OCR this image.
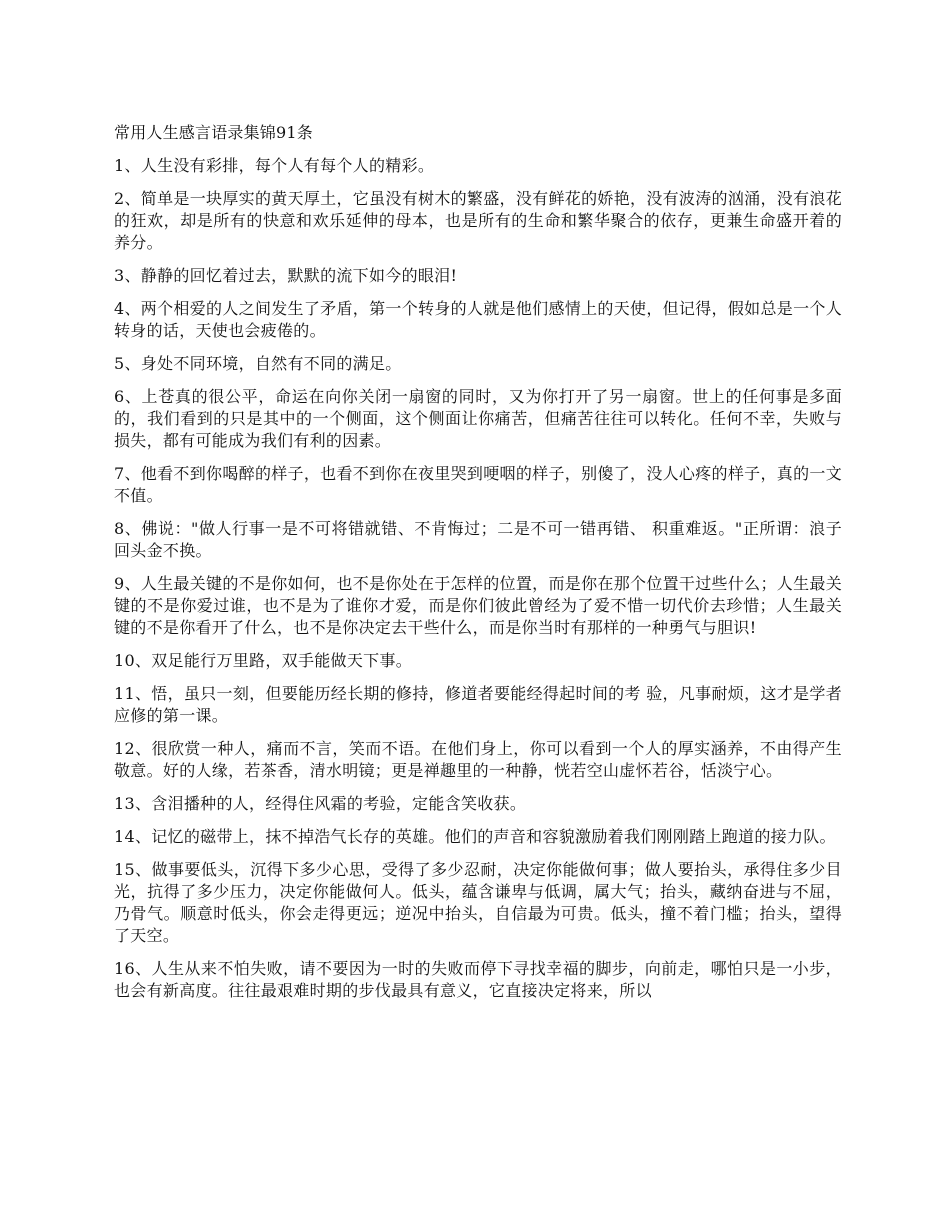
常用人生感言语录集锦91条

1、人生没有彩排，每个人有每个人的精彩。

2、简单是一块厚实的黄天厚土，它虽没有树木的繁盛，没有鲜花的娇艳，没有波涛的汹涌，没有浪花的狂欢，却是所有的快意和欢乐延伸的母本，也是所有的生命和繁华聚合的依存，更兼生命盛开着的养分。

3、静静的回忆着过去，默默的流下如今的眼泪!

4、两个相爱的人之间发生了矛盾，第一个转身的人就是他们感情上的天使，但记得，假如总是一个人转身的话，天使也会疲倦的。

5、身处不同环境，自然有不同的满足。

6、上苍真的很公平，命运在向你关闭一扇窗的同时，又为你打开了另一扇窗。世上的任何事是多面的，我们看到的只是其中的一个侧面，这个侧面让你痛苦，但痛苦往往可以转化。任何不幸，失败与损失，都有可能成为我们有利的因素。

7、他看不到你喝醉的样子，也看不到你在夜里哭到哽咽的样子，别傻了，没人心疼的样子，真的一文不值。

8、佛说："做人行事一是不可将错就错、不肯悔过；二是不可一错再错、 积重难返。"正所谓：浪子回头金不换。

9、人生最关键的不是你如何，也不是你处在于怎样的位置，而是你在那个位置干过些什么；人生最关键的不是你爱过谁，也不是为了谁你才爱，而是你们彼此曾经为了爱不惜一切代价去珍惜；人生最关键的不是你看开了什么，也不是你决定去干些什么，而是你当时有那样的一种勇气与胆识!

10、双足能行万里路，双手能做天下事。

11、悟，虽只一刻，但要能历经长期的修持，修道者要能经得起时间的考 验，凡事耐烦，这才是学者应修的第一课。

12、很欣赏一种人，痛而不言，笑而不语。在他们身上，你可以看到一个人的厚实涵养，不由得产生敬意。好的人缘，若茶香，清水明镜；更是禅趣里的一种静，恍若空山虚怀若谷，恬淡宁心。

13、含泪播种的人，经得住风霜的考验，定能含笑收获。

14、记忆的磁带上，抹不掉浩气长存的英雄。他们的声音和容貌激励着我们刚刚踏上跑道的接力队。

15、做事要低头，沉得下多少心思，受得了多少忍耐，决定你能做何事；做人要抬头，承得住多少目光，抗得了多少压力，决定你能做何人。低头，蕴含谦卑与低调，属大气；抬头，藏纳奋进与不屈，乃骨气。顺意时低头，你会走得更远；逆况中抬头，自信最为可贵。低头，撞不着门槛；抬头，望得了天空。

16、人生从来不怕失败，请不要因为一时的失败而停下寻找幸福的脚步，向前走，哪怕只是一小步，也会有新高度。往往最艰难时期的步伐最具有意义，它直接决定将来，所以
